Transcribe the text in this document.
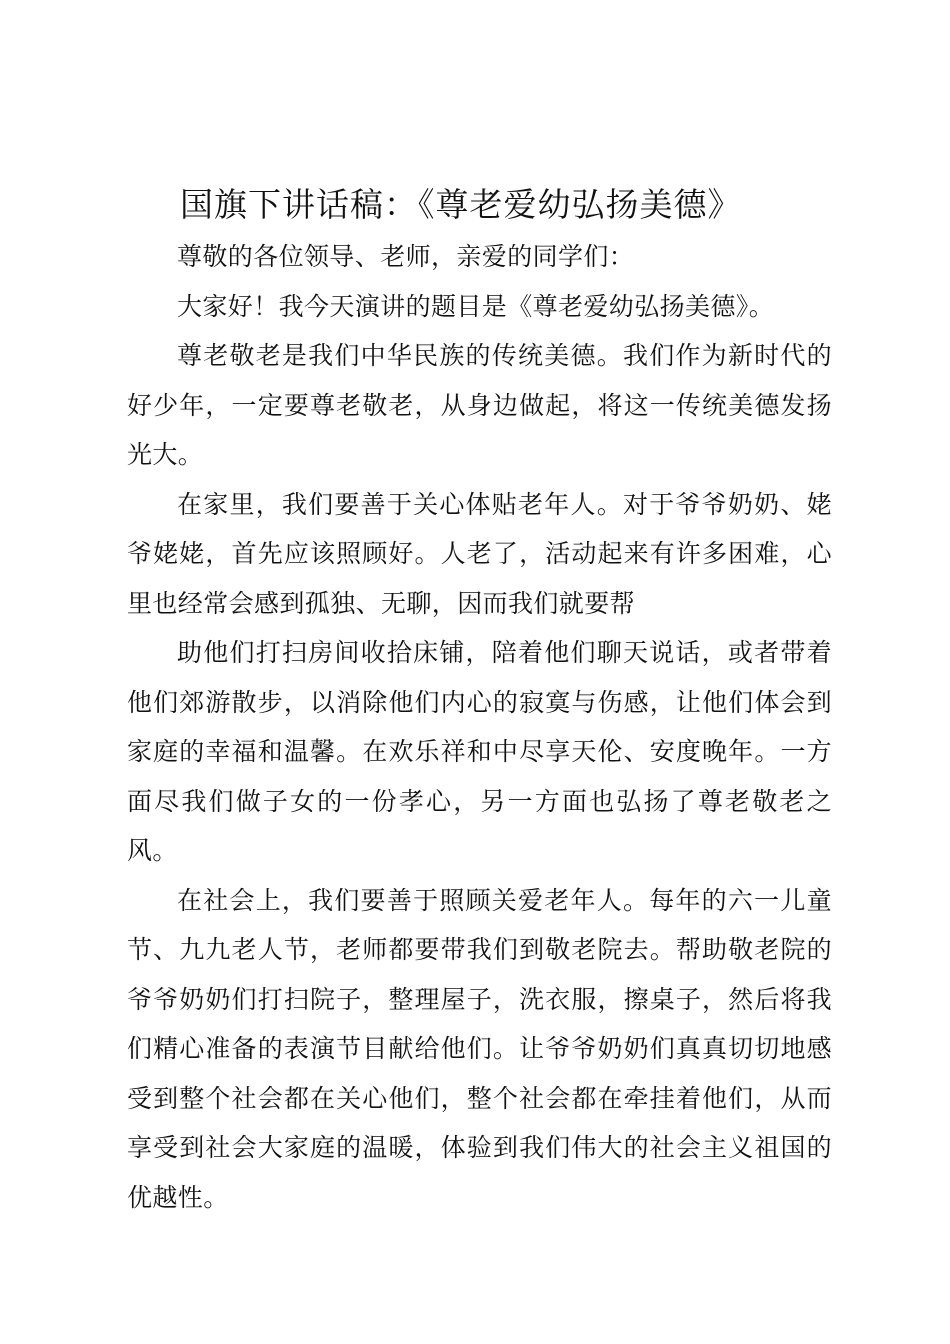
国旗下讲话稿：《尊老爱幼弘扬美德》

尊敬的各位领导、老师，亲爱的同学们：

大家好！我今天演讲的题目是《尊老爱幼弘扬美德》。

尊老敬老是我们中华民族的传统美德。我们作为新时代的好少年，一定要尊老敬老，从身边做起，将这一传统美德发扬光大。

在家里，我们要善于关心体贴老年人。对于爷爷奶奶、姥爷姥姥，首先应该照顾好。人老了，活动起来有许多困难，心里也经常会感到孤独、无聊，因而我们就要帮

助他们打扫房间收拾床铺，陪着他们聊天说话，或者带着他们郊游散步，以消除他们内心的寂寞与伤感，让他们体会到家庭的幸福和温馨。在欢乐祥和中尽享天伦、安度晚年。一方面尽我们做子女的一份孝心，另一方面也弘扬了尊老敬老之风。

在社会上，我们要善于照顾关爱老年人。每年的六一儿童节、九九老人节，老师都要带我们到敬老院去。帮助敬老院的爷爷奶奶们打扫院子，整理屋子，洗衣服，擦桌子，然后将我们精心准备的表演节目献给他们。让爷爷奶奶们真真切切地感受到整个社会都在关心他们，整个社会都在牵挂着他们，从而享受到社会大家庭的温暖，体验到我们伟大的社会主义祖国的优越性。
